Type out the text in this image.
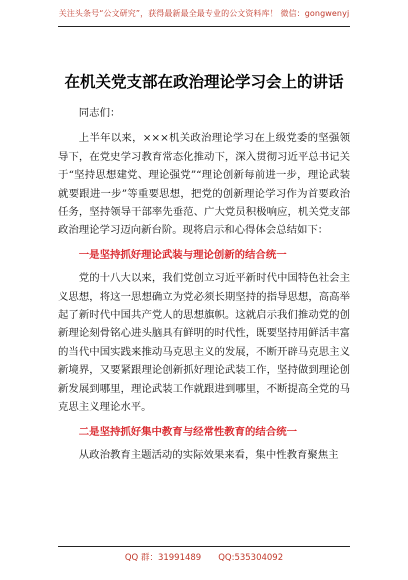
关注头条号“公文研究”，获得最新最全最专业的公文资料库！ 微信：gongwenyj
在机关党支部在政治理论学习会上的讲话

同志们：

上半年以来，×××机关政治理论学习在上级党委的坚强领导下，在党史学习教育常态化推动下，深入贯彻习近平总书记关于“坚持思想建党、理论强党”“理论创新每前进一步，理论武装就要跟进一步”等重要思想，把党的创新理论学习作为首要政治任务，坚持领导干部率先垂范、广大党员积极响应，机关党支部政治理论学习迈向新台阶。现将启示和心得体会总结如下：

一是坚持抓好理论武装与理论创新的结合统一

党的十八大以来，我们党创立习近平新时代中国特色社会主义思想，将这一思想确立为党必须长期坚持的指导思想，高高举起了新时代中国共产党人的思想旗帜。这就启示我们推动党的创新理论刻骨铭心进头脑具有鲜明的时代性，既要坚持用鲜活丰富的当代中国实践来推动马克思主义的发展，不断开辟马克思主义新境界，又要紧跟理论创新抓好理论武装工作，坚持做到理论创新发展到哪里，理论武装工作就跟进到哪里，不断提高全党的马克思主义理论水平。

二是坚持抓好集中教育与经常性教育的结合统一

从政治教育主题活动的实际效果来看，集中性教育聚焦主

QQ 群：31991489　　QQ:535304092
